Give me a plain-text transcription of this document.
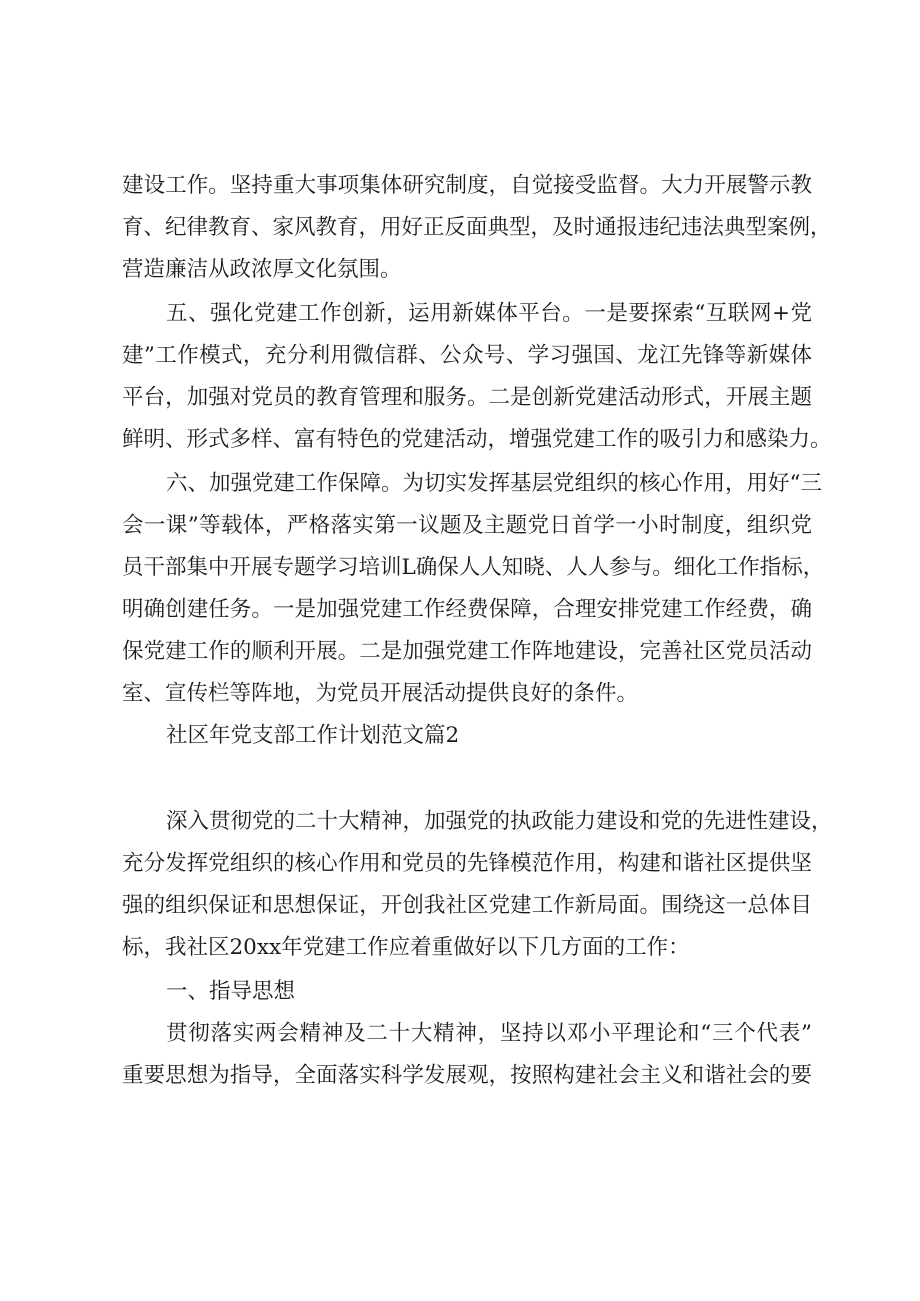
建设工作。坚持重大事项集体研究制度，自觉接受监督。大力开展警示教
育、纪律教育、家风教育，用好正反面典型，及时通报违纪违法典型案例，
营造廉洁从政浓厚文化氛围。
五、强化党建工作创新，运用新媒体平台。一是要探索“互联网+党
建”工作模式，充分利用微信群、公众号、学习强国、龙江先锋等新媒体
平台，加强对党员的教育管理和服务。二是创新党建活动形式，开展主题
鲜明、形式多样、富有特色的党建活动，增强党建工作的吸引力和感染力。
六、加强党建工作保障。为切实发挥基层党组织的核心作用，用好“三
会一课”等载体，严格落实第一议题及主题党日首学一小时制度，组织党
员干部集中开展专题学习培训L确保人人知晓、人人参与。细化工作指标，
明确创建任务。一是加强党建工作经费保障，合理安排党建工作经费，确
保党建工作的顺利开展。二是加强党建工作阵地建设，完善社区党员活动
室、宣传栏等阵地，为党员开展活动提供良好的条件。
社区年党支部工作计划范文篇2
深入贯彻党的二十大精神，加强党的执政能力建设和党的先进性建设，
充分发挥党组织的核心作用和党员的先锋模范作用，构建和谐社区提供坚
强的组织保证和思想保证，开创我社区党建工作新局面。围绕这一总体目
标，我社区20xx年党建工作应着重做好以下几方面的工作：
一、指导思想
贯彻落实两会精神及二十大精神，坚持以邓小平理论和“三个代表”
重要思想为指导，全面落实科学发展观，按照构建社会主义和谐社会的要
